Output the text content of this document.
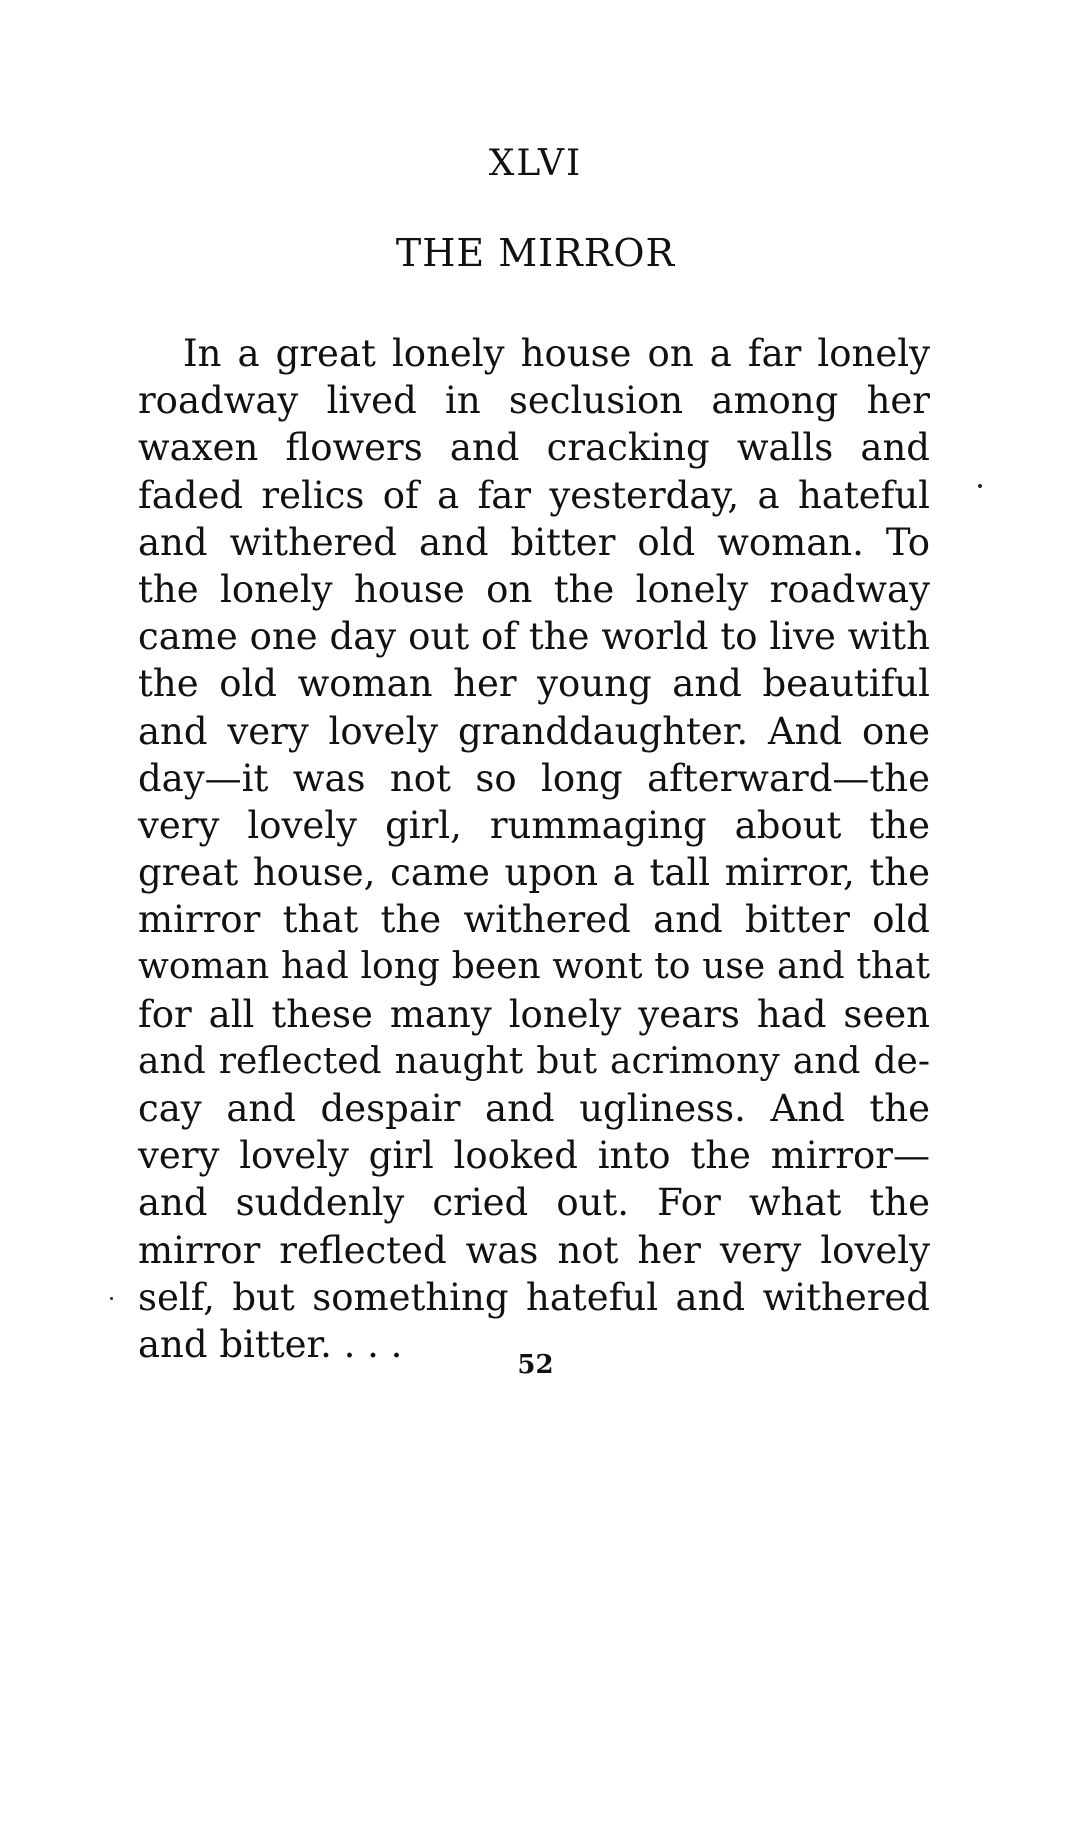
XLVI
THE MIRROR
In a great lonely house on a far lonely
roadway lived in seclusion among her
waxen flowers and cracking walls and
faded relics of a far yesterday, a hateful
and withered and bitter old woman. To
the lonely house on the lonely roadway
came one day out of the world to live with
the old woman her young and beautiful
and very lovely granddaughter. And one
day—it was not so long afterward—the
very lovely girl, rummaging about the
great house, came upon a tall mirror, the
mirror that the withered and bitter old
woman had long been wont to use and that
for all these many lonely years had seen
and reflected naught but acrimony and de-
cay and despair and ugliness. And the
very lovely girl looked into the mirror—
and suddenly cried out. For what the
mirror reflected was not her very lovely
self, but something hateful and withered
and bitter. . . .	52
